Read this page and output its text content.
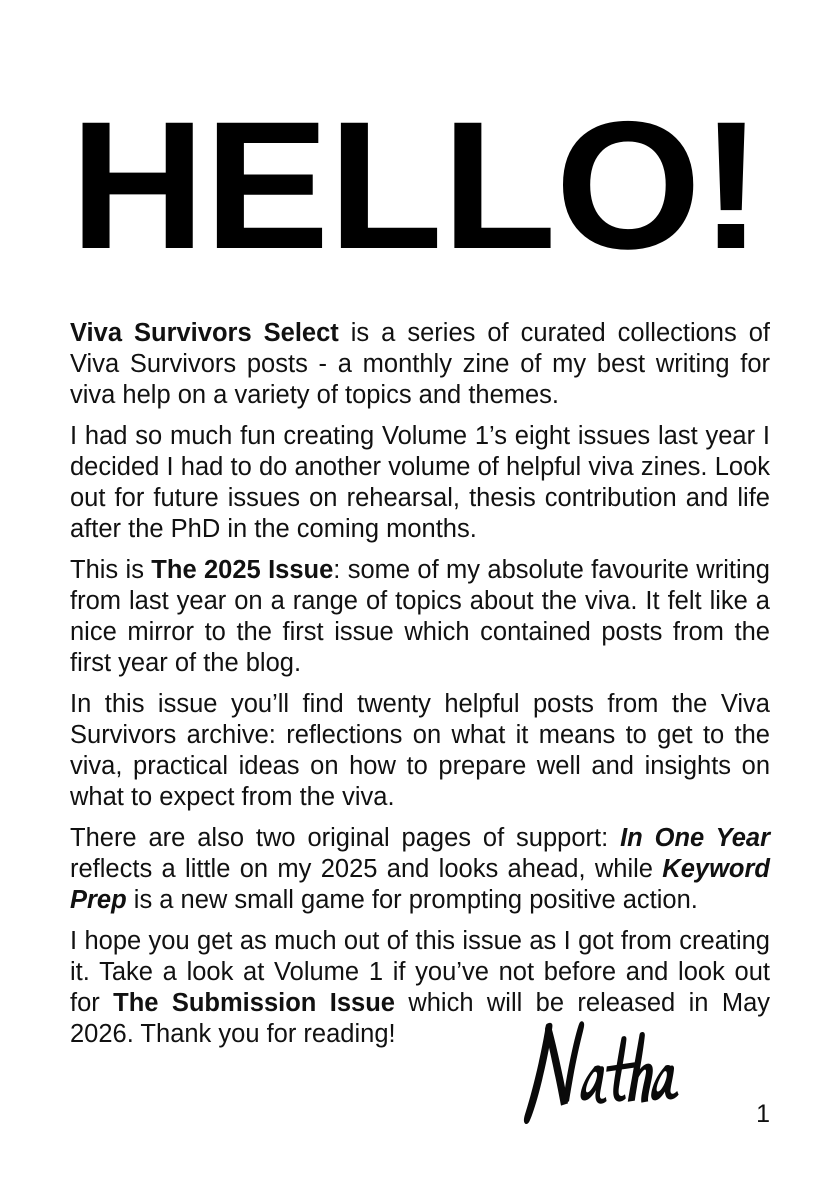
HELLO!

Viva Survivors Select is a series of curated collections of Viva Survivors posts - a monthly zine of my best writing for viva help on a variety of topics and themes.

I had so much fun creating Volume 1’s eight issues last year I decided I had to do another volume of helpful viva zines. Look out for future issues on rehearsal, thesis contribution and life after the PhD in the coming months.

This is The 2025 Issue: some of my absolute favourite writing from last year on a range of topics about the viva. It felt like a nice mirror to the first issue which contained posts from the first year of the blog.

In this issue you’ll find twenty helpful posts from the Viva Survivors archive: reflections on what it means to get to the viva, practical ideas on how to prepare well and insights on what to expect from the viva.

There are also two original pages of support: In One Year reflects a little on my 2025 and looks ahead, while Keyword Prep is a new small game for prompting positive action.

I hope you get as much out of this issue as I got from creating it. Take a look at Volume 1 if you’ve not before and look out for The Submission Issue which will be released in May 2026. Thank you for reading!

1
